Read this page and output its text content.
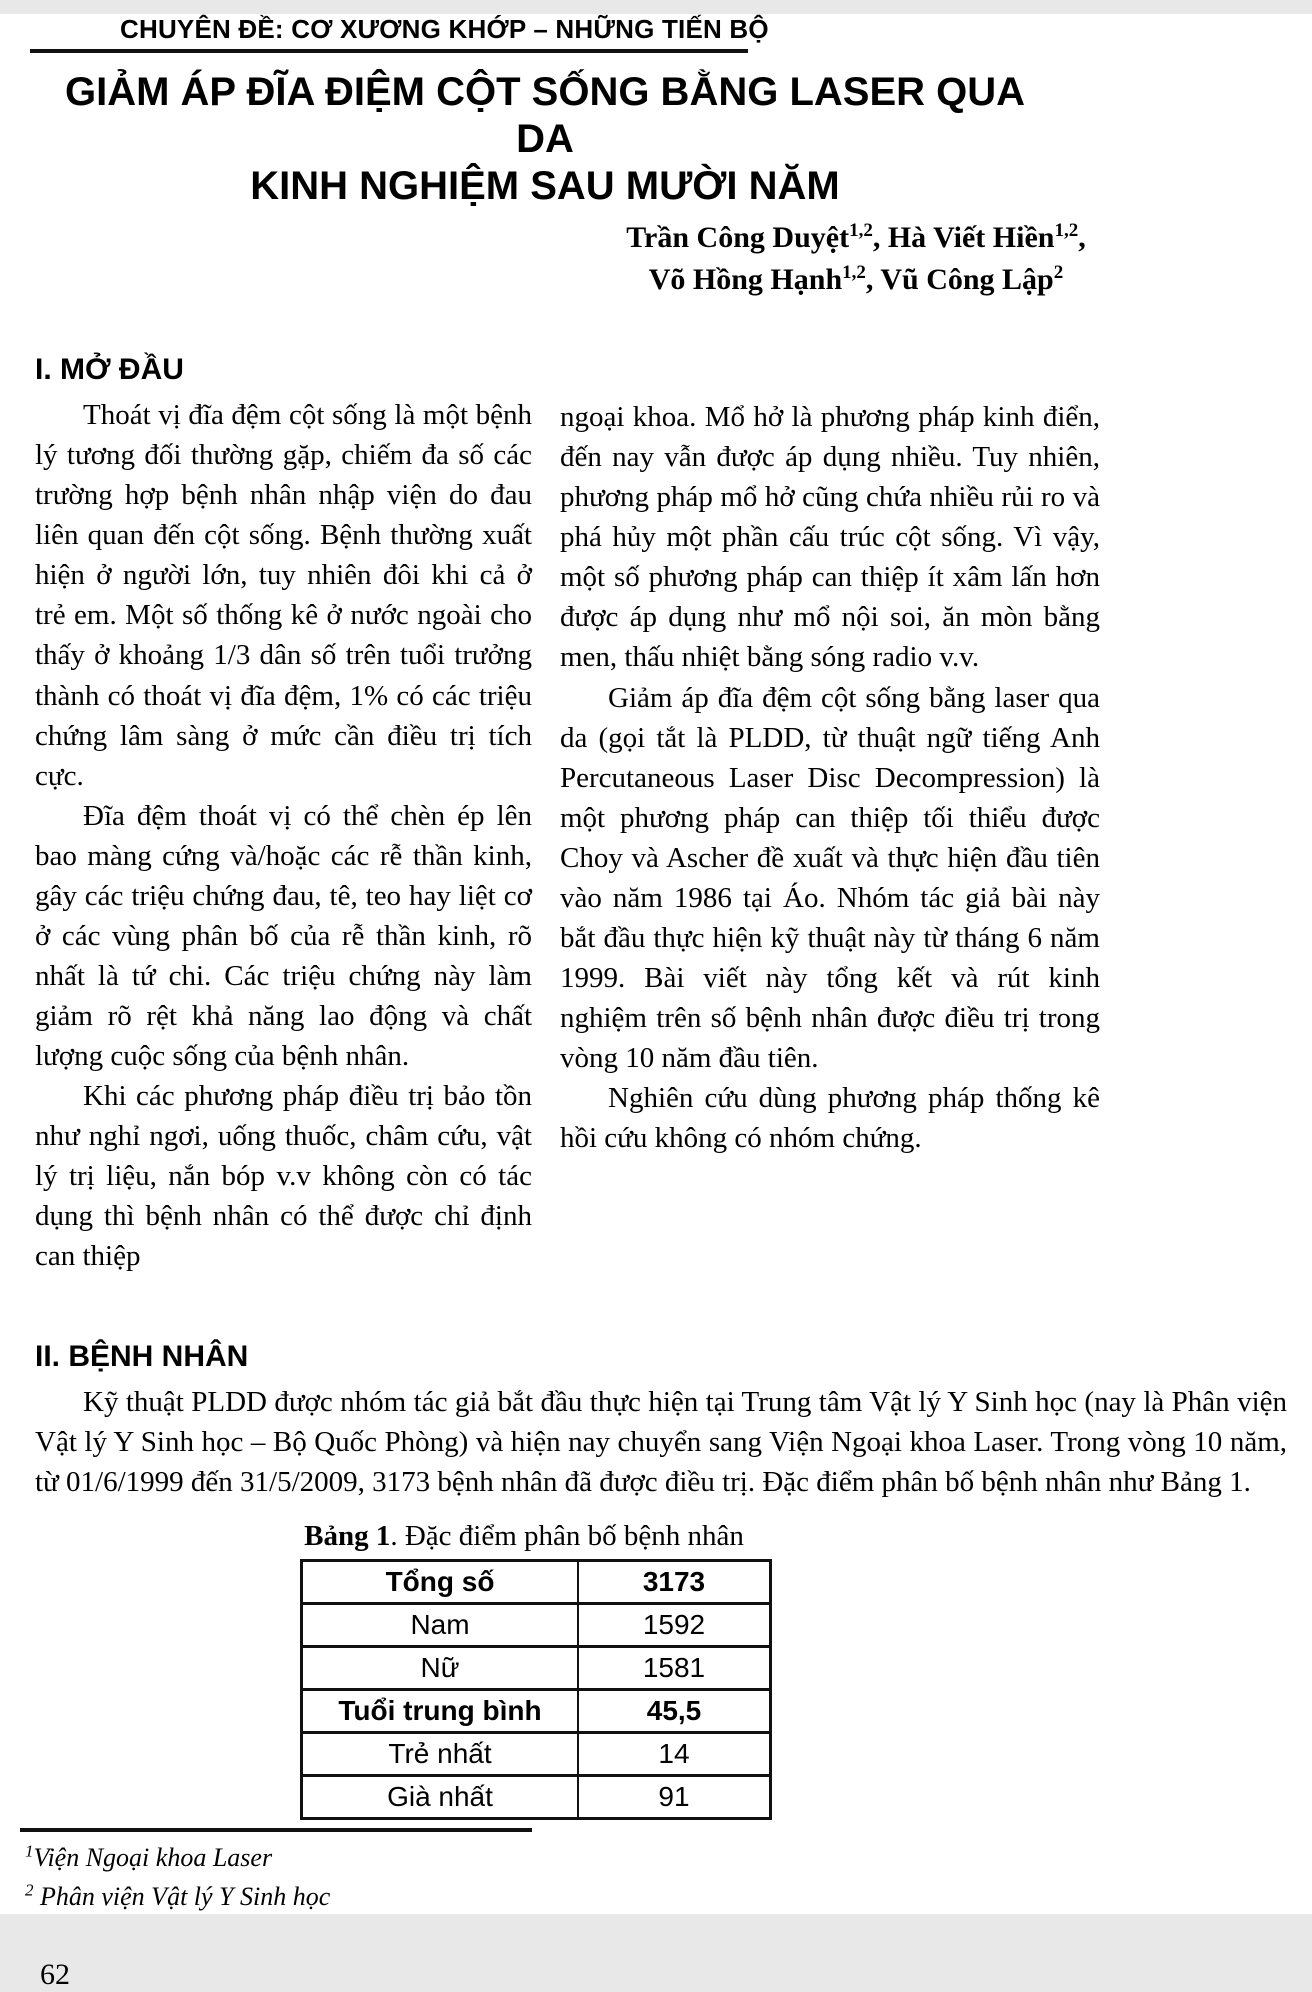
CHUYÊN ĐỀ: CƠ XƯƠNG KHỚP – NHỮNG TIẾN BỘ
GIẢM ÁP ĐĨA ĐIỆM CỘT SỐNG BẰNG LASER QUA DA
KINH NGHIỆM SAU MƯỜI NĂM
Trần Công Duyệt$^{1,2}$, Hà Viết Hiền$^{1,2}$,
Võ Hồng Hạnh$^{1,2}$, Vũ Công Lập$^2$
I. MỞ ĐẦU

Thoát vị đĩa đệm cột sống là một bệnh lý tương đối thường gặp, chiếm đa số các trường hợp bệnh nhân nhập viện do đau liên quan đến cột sống. Bệnh thường xuất hiện ở người lớn, tuy nhiên đôi khi cả ở trẻ em. Một số thống kê ở nước ngoài cho thấy ở khoảng 1/3 dân số trên tuổi trưởng thành có thoát vị đĩa đệm, 1% có các triệu chứng lâm sàng ở mức cần điều trị tích cực.

Đĩa đệm thoát vị có thể chèn ép lên bao màng cứng và/hoặc các rễ thần kinh, gây các triệu chứng đau, tê, teo hay liệt cơ ở các vùng phân bố của rễ thần kinh, rõ nhất là tứ chi. Các triệu chứng này làm giảm rõ rệt khả năng lao động và chất lượng cuộc sống của bệnh nhân.

Khi các phương pháp điều trị bảo tồn như nghỉ ngơi, uống thuốc, châm cứu, vật lý trị liệu, nắn bóp v.v không còn có tác dụng thì bệnh nhân có thể được chỉ định can thiệp

ngoại khoa. Mổ hở là phương pháp kinh điển, đến nay vẫn được áp dụng nhiều. Tuy nhiên, phương pháp mổ hở cũng chứa nhiều rủi ro và phá hủy một phần cấu trúc cột sống. Vì vậy, một số phương pháp can thiệp ít xâm lấn hơn được áp dụng như mổ nội soi, ăn mòn bằng men, thấu nhiệt bằng sóng radio v.v.

Giảm áp đĩa đệm cột sống bằng laser qua da (gọi tắt là PLDD, từ thuật ngữ tiếng Anh Percutaneous Laser Disc Decompression) là một phương pháp can thiệp tối thiểu được Choy và Ascher đề xuất và thực hiện đầu tiên vào năm 1986 tại Áo. Nhóm tác giả bài này bắt đầu thực hiện kỹ thuật này từ tháng 6 năm 1999. Bài viết này tổng kết và rút kinh nghiệm trên số bệnh nhân được điều trị trong vòng 10 năm đầu tiên.

Nghiên cứu dùng phương pháp thống kê hồi cứu không có nhóm chứng.

II. BỆNH NHÂN

Kỹ thuật PLDD được nhóm tác giả bắt đầu thực hiện tại Trung tâm Vật lý Y Sinh học (nay là Phân viện Vật lý Y Sinh học – Bộ Quốc Phòng) và hiện nay chuyển sang Viện Ngoại khoa Laser. Trong vòng 10 năm, từ 01/6/1999 đến 31/5/2009, 3173 bệnh nhân đã được điều trị. Đặc điểm phân bố bệnh nhân như Bảng 1.

Bảng 1. Đặc điểm phân bố bệnh nhân
Tổng số	3173
Nam	1592
Nữ	1581
Tuổi trung bình	45,5
Trẻ nhất	14
Già nhất	91
$^1$Viện Ngoại khoa Laser
$^2$ Phân viện Vật lý Y Sinh học
62
